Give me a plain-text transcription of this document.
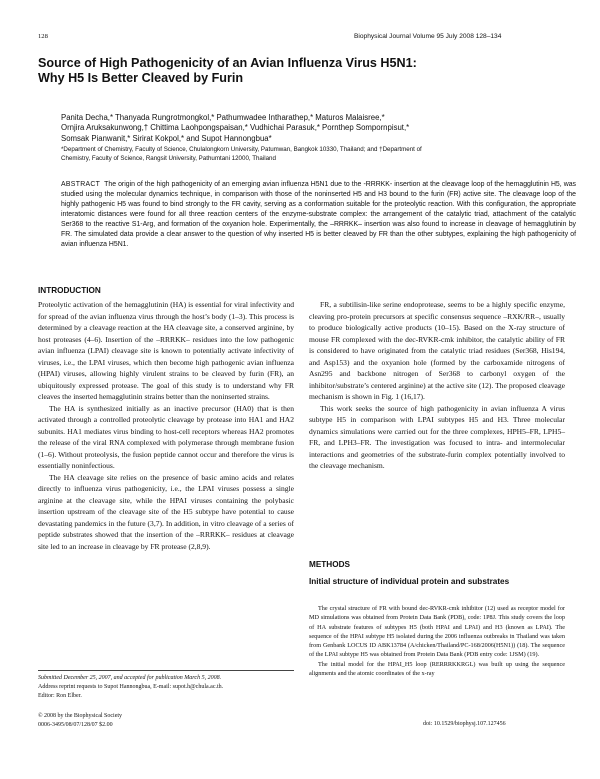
128	Biophysical Journal Volume 95 July 2008 128–134
Source of High Pathogenicity of an Avian Influenza Virus H5N1:
Why H5 Is Better Cleaved by Furin
Panita Decha,* Thanyada Rungrotmongkol,* Pathumwadee Intharathep,* Maturos Malaisree,*
Ornjira Aruksakunwong,† Chittima Laohpongspaisan,* Vudhichai Parasuk,* Pornthep Sompornpisut,*
Somsak Pianwanit,* Sirirat Kokpol,* and Supot Hannongbua*
*Department of Chemistry, Faculty of Science, Chulalongkorn University, Patumwan, Bangkok 10330, Thailand; and †Department of
Chemistry, Faculty of Science, Rangsit University, Pathumtani 12000, Thailand
ABSTRACT The origin of the high pathogenicity of an emerging avian influenza H5N1 due to the -RRRKK- insertion at the cleavage loop of the hemagglutinin H5, was studied using the molecular dynamics technique, in comparison with those of the noninserted H5 and H3 bound to the furin (FR) active site. The cleavage loop of the highly pathogenic H5 was found to bind strongly to the FR cavity, serving as a conformation suitable for the proteolytic reaction. With this configuration, the appropriate interatomic distances were found for all three reaction centers of the enzyme-substrate complex: the arrangement of the catalytic triad, attachment of the catalytic Ser368 to the reactive S1-Arg, and formation of the oxyanion hole. Experimentally, the –RRRKK– insertion was also found to increase in cleavage of hemagglutinin by FR. The simulated data provide a clear answer to the question of why inserted H5 is better cleaved by FR than the other subtypes, explaining the high pathogenicity of avian influenza H5N1.
INTRODUCTION

Proteolytic activation of the hemagglutinin (HA) is essential for viral infectivity and for spread of the avian influenza virus through the host’s body (1–3). This process is determined by a cleavage reaction at the HA cleavage site, a conserved arginine, by host proteases (4–6). Insertion of the –RRRKK– residues into the low pathogenic avian influenza (LPAI) cleavage site is known to potentially activate infectivity of viruses, i.e., the LPAI viruses, which then become high pathogenic avian influenza (HPAI) viruses, allowing highly virulent strains to be cleaved by furin (FR), an ubiquitously expressed protease. The goal of this study is to understand why FR cleaves the inserted hemagglutinin strains better than the noninserted strains.

The HA is synthesized initially as an inactive precursor (HA0) that is then activated through a controlled proteolytic cleavage by protease into HA1 and HA2 subunits. HA1 mediates virus binding to host-cell receptors whereas HA2 promotes the release of the viral RNA complexed with polymerase through membrane fusion (1–6). Without proteolysis, the fusion peptide cannot occur and therefore the virus is essentially noninfectious.

The HA cleavage site relies on the presence of basic amino acids and relates directly to influenza virus pathogenicity, i.e., the LPAI viruses possess a single arginine at the cleavage site, while the HPAI viruses containing the polybasic insertion upstream of the cleavage site of the H5 subtype have potential to cause devastating pandemics in the future (3,7). In addition, in vitro cleavage of a series of peptide substrates showed that the insertion of the –RRRKK– residues at cleavage site led to an increase in cleavage by FR protease (2,8,9).

FR, a subtilisin-like serine endoprotease, seems to be a highly specific enzyme, cleaving pro-protein precursors at specific consensus sequence –RXK/RR–, usually to produce biologically active products (10–15). Based on the X-ray structure of mouse FR complexed with the dec-RVKR-cmk inhibitor, the catalytic ability of FR is considered to have originated from the catalytic triad residues (Ser368, His194, and Asp153) and the oxyanion hole (formed by the carboxamide nitrogens of Asn295 and backbone nitrogen of Ser368 to carbonyl oxygen of the inhibitor/substrate’s centered arginine) at the active site (12). The proposed cleavage mechanism is shown in Fig. 1 (16,17).

This work seeks the source of high pathogenicity in avian influenza A virus subtype H5 in comparison with LPAI subtypes H5 and H3. Three molecular dynamics simulations were carried out for the three complexes, HPH5–FR, LPH5–FR, and LPH3–FR. The investigation was focused to intra- and intermolecular interactions and geometries of the substrate-furin complex potentially involved to the cleavage mechanism.

METHODS
Initial structure of individual protein and substrates

The crystal structure of FR with bound dec-RVKR-cmk inhibitor (12) used as receptor model for MD simulations was obtained from Protein Data Bank (PDB), code: 1P8J. This study covers the loop of HA substrate features of subtypes H5 (both HPAI and LPAI) and H3 (known as LPAI). The sequence of the HPAI subtype H5 isolated during the 2006 influenza outbreaks in Thailand was taken from Genbank LOCUS ID ABK13784 (A/chicken/Thailand/PC-168/2006(H5N1)) (18). The sequence of the LPAI subtype H5 was obtained from Protein Data Bank (PDB entry code: 1JSM) (19).

The initial model for the HPAI_H5 loop (RERRRKKRGL) was built up using the sequence alignments and the atomic coordinates of the x-ray

Submitted December 25, 2007, and accepted for publication March 5, 2008.
Address reprint requests to Supot Hannongbua, E-mail: supot.h@chula.ac.th.
Editor: Ron Elber.
© 2008 by the Biophysical Society
0006-3495/08/07/128/07 $2.00	doi: 10.1529/biophysj.107.127456
